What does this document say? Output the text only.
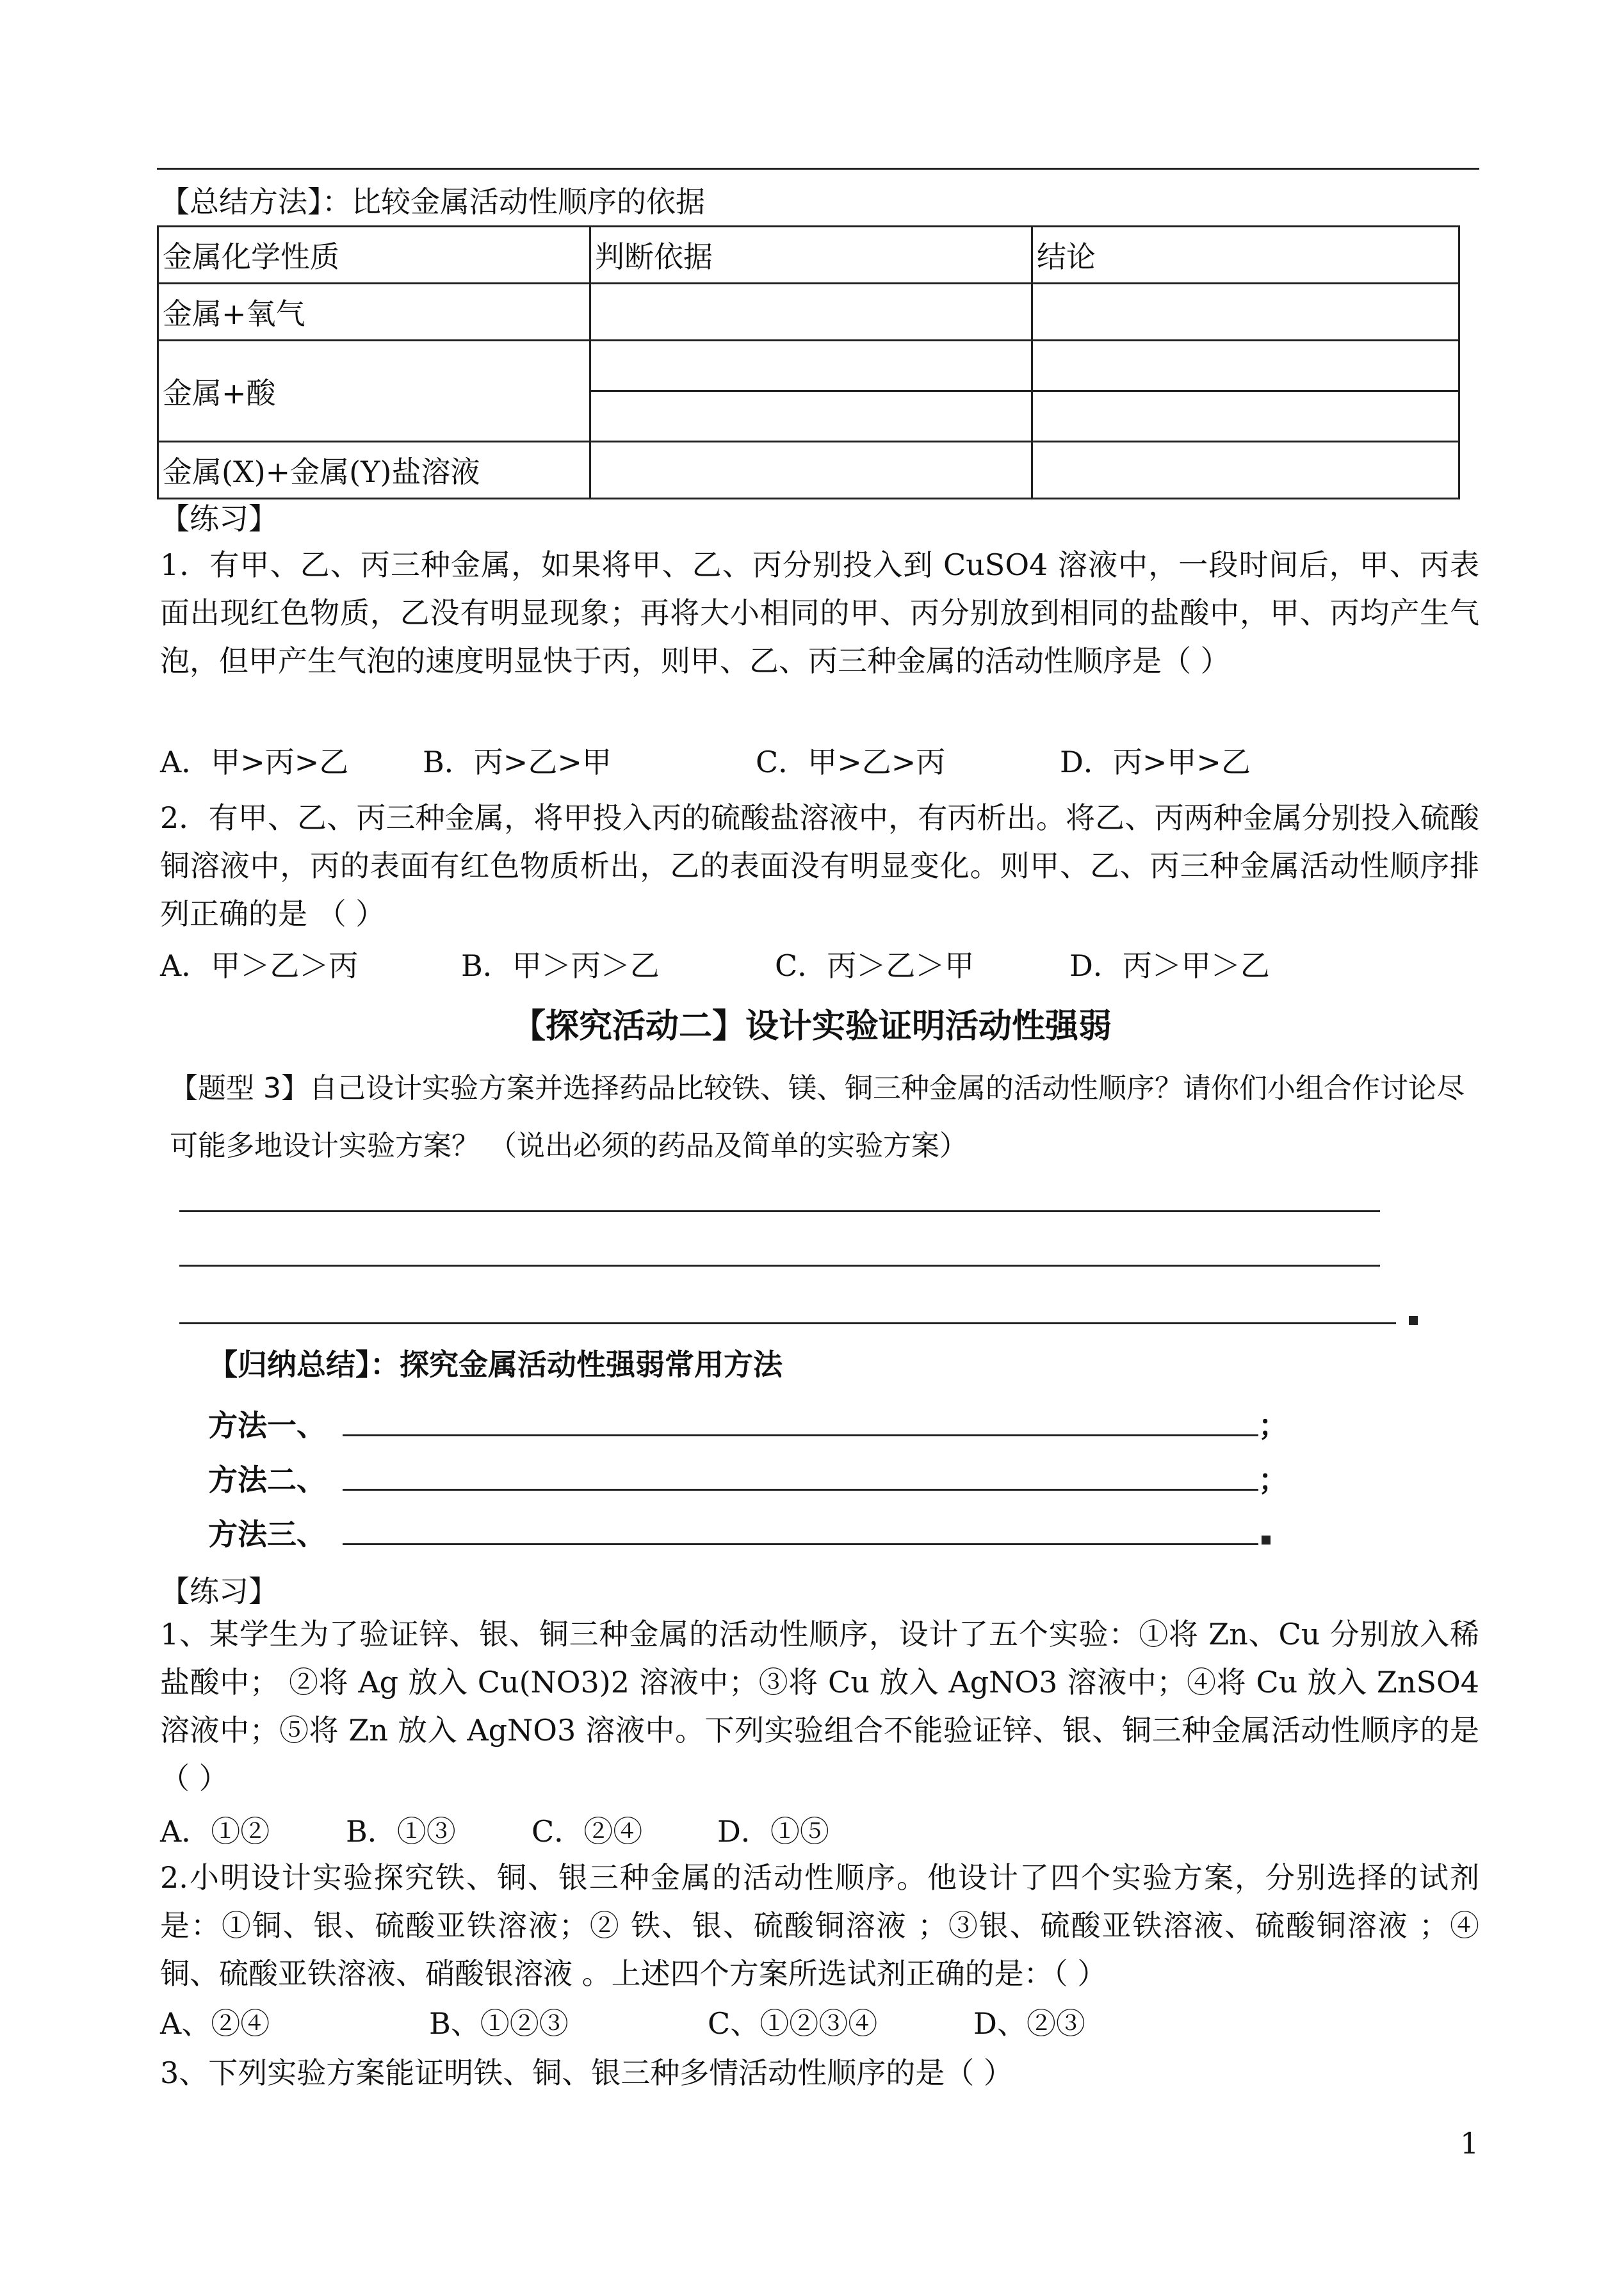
【总结方法】：比较金属活动性顺序的依据
金属化学性质	判断依据	结论
金属+氧气		
金属+酸		

金属(X)+金属(Y)盐溶液		
【练习】
1．有甲、乙、丙三种金属，如果将甲、乙、丙分别投入到 CuSO4 溶液中，一段时间后，甲、丙表面出现红色物质，乙没有明显现象；再将大小相同的甲、丙分别放到相同的盐酸中，甲、丙均产生气泡，但甲产生气泡的速度明显快于丙，则甲、乙、丙三种金属的活动性顺序是（ ）
A．甲>丙>乙	B．丙>乙>甲	C．甲>乙>丙	D．丙>甲>乙
2．有甲、乙、丙三种金属，将甲投入丙的硫酸盐溶液中，有丙析出。将乙、丙两种金属分别投入硫酸铜溶液中，丙的表面有红色物质析出，乙的表面没有明显变化。则甲、乙、丙三种金属活动性顺序排列正确的是 （ ）
A．甲＞乙＞丙	B．甲＞丙＞乙	C．丙＞乙＞甲	D．丙＞甲＞乙
【探究活动二】设计实验证明活动性强弱
【题型 3】自己设计实验方案并选择药品比较铁、镁、铜三种金属的活动性顺序？请你们小组合作讨论尽可能多地设计实验方案？ （说出必须的药品及简单的实验方案）
【归纳总结】：探究金属活动性强弱常用方法
方法一、	；
方法二、	；
方法三、
【练习】
1、某学生为了验证锌、银、铜三种金属的活动性顺序，设计了五个实验：①将 Zn、Cu 分别放入稀盐酸中； ②将 Ag 放入 Cu(NO3)2 溶液中；③将 Cu 放入 AgNO3 溶液中；④将 Cu 放入 ZnSO4 溶液中；⑤将 Zn 放入 AgNO3 溶液中。下列实验组合不能验证锌、银、铜三种金属活动性顺序的是（ ）
A．①②	B．①③	C．②④	D．①⑤
2.小明设计实验探究铁、铜、银三种金属的活动性顺序。他设计了四个实验方案，分别选择的试剂是：①铜、银、硫酸亚铁溶液；② 铁、银、硫酸铜溶液 ；③银、硫酸亚铁溶液、硫酸铜溶液 ；④铜、硫酸亚铁溶液、硝酸银溶液 。上述四个方案所选试剂正确的是：（ ）
A、②④	B、①②③	C、①②③④	D、②③
3、下列实验方案能证明铁、铜、银三种多情活动性顺序的是（ ）
1
